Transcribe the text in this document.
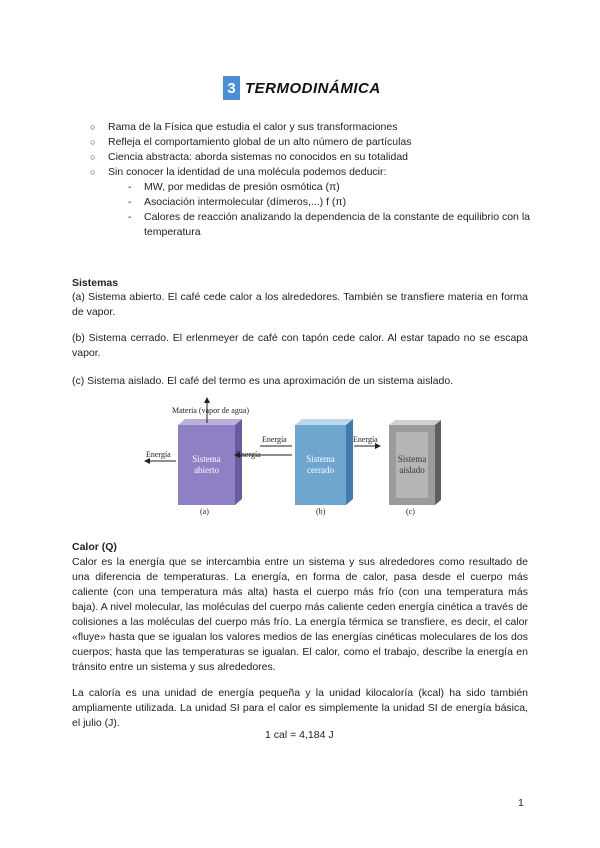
3 TERMODINÁMICA
○	Rama de la Física que estudia el calor y sus transformaciones
○	Refleja el comportamiento global de un alto número de partículas
○	Ciencia abstracta: aborda sistemas no conocidos en su totalidad
○	Sin conocer la identidad de una molécula podemos deducir:
-	MW, por medidas de presión osmótica (π)
-	Asociación intermolecular (dímeros,...) f (π)
-	Calores de reacción analizando la dependencia de la constante de equilibrio con la temperatura
Sistemas
(a) Sistema abierto. El café cede calor a los alrededores. También se transfiere materia en forma de vapor.
(b) Sistema cerrado. El erlenmeyer de café con tapón cede calor. Al estar tapado no se escapa vapor.
(c) Sistema aislado. El café del termo es una aproximación de un sistema aislado.
Materia (vapor de agua)
Energía	Energía
Energía	Energía
Sistema
abierto
Sistema
cerrado
Sistema
aislado
(a)	(b)	(c)
Calor (Q)
Calor es la energía que se intercambia entre un sistema y sus alrededores como resultado de una diferencia de temperaturas. La energía, en forma de calor, pasa desde el cuerpo más caliente (con una temperatura más alta) hasta el cuerpo más frío (con una temperatura más baja). A nivel molecular, las moléculas del cuerpo más caliente ceden energía cinética a través de colisiones a las moléculas del cuerpo más frío. La energía térmica se transfiere, es decir, el calor «fluye» hasta que se igualan los valores medios de las energías cinéticas moleculares de los dos cuerpos; hasta que las temperaturas se igualan. El calor, como el trabajo, describe la energía en tránsito entre un sistema y sus alrededores.
La caloría es una unidad de energía pequeña y la unidad kilocaloría (kcal) ha sido también ampliamente utilizada. La unidad SI para el calor es simplemente la unidad SI de energía básica, el julio (J).
1 cal = 4,184 J
1
